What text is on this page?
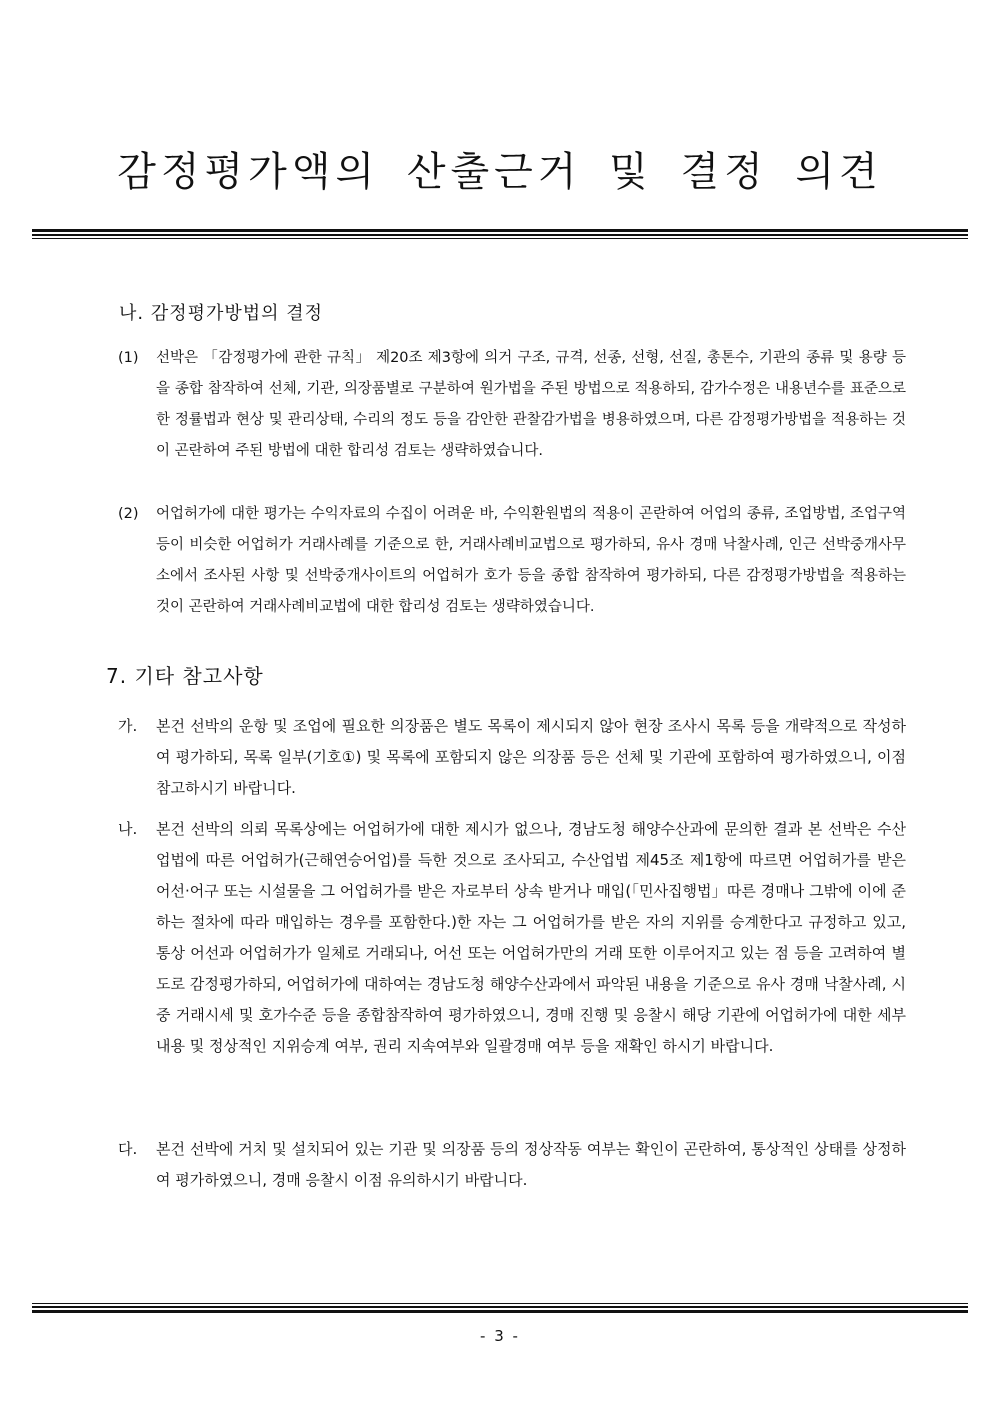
감정평가액의 산출근거 및 결정 의견
나. 감정평가방법의 결정

(1)	선박은 「감정평가에 관한 규칙」 제20조 제3항에 의거 구조, 규격, 선종, 선형, 선질, 총톤수, 기관의 종류 및 용량 등을 종합 참작하여 선체, 기관, 의장품별로 구분하여 원가법을 주된 방법으로 적용하되, 감가수정은 내용년수를 표준으로한 정률법과 현상 및 관리상태, 수리의 정도 등을 감안한 관찰감가법을 병용하였으며, 다른 감정평가방법을 적용하는 것이 곤란하여 주된 방법에 대한 합리성 검토는 생략하였습니다.

(2)	어업허가에 대한 평가는 수익자료의 수집이 어려운 바, 수익환원법의 적용이 곤란하여 어업의 종류, 조업방법, 조업구역 등이 비슷한 어업허가 거래사례를 기준으로 한, 거래사례비교법으로 평가하되, 유사 경매 낙찰사례, 인근 선박중개사무소에서 조사된 사항 및 선박중개사이트의 어업허가 호가 등을 종합 참작하여 평가하되, 다른 감정평가방법을 적용하는 것이 곤란하여 거래사례비교법에 대한 합리성 검토는 생략하였습니다.

7. 기타 참고사항

가.	본건 선박의 운항 및 조업에 필요한 의장품은 별도 목록이 제시되지 않아 현장 조사시 목록 등을 개략적으로 작성하여 평가하되, 목록 일부(기호①) 및 목록에 포함되지 않은 의장품 등은 선체 및 기관에 포함하여 평가하였으니, 이점 참고하시기 바랍니다.

나.	본건 선박의 의뢰 목록상에는 어업허가에 대한 제시가 없으나, 경남도청 해양수산과에 문의한 결과 본 선박은 수산업법에 따른 어업허가(근해연승어업)를 득한 것으로 조사되고, 수산업법 제45조 제1항에 따르면 어업허가를 받은 어선·어구 또는 시설물을 그 어업허가를 받은 자로부터 상속 받거나 매입(「민사집행법」따른 경매나 그밖에 이에 준하는 절차에 따라 매입하는 경우를 포함한다.)한 자는 그 어업허가를 받은 자의 지위를 승계한다고 규정하고 있고, 통상 어선과 어업허가가 일체로 거래되나, 어선 또는 어업허가만의 거래 또한 이루어지고 있는 점 등을 고려하여 별도로 감정평가하되, 어업허가에 대하여는 경남도청 해양수산과에서 파악된 내용을 기준으로 유사 경매 낙찰사례, 시중 거래시세 및 호가수준 등을 종합참작하여 평가하였으니, 경매 진행 및 응찰시 해당 기관에 어업허가에 대한 세부내용 및 정상적인 지위승계 여부, 권리 지속여부와 일괄경매 여부 등을 재확인 하시기 바랍니다.

다.	본건 선박에 거치 및 설치되어 있는 기관 및 의장품 등의 정상작동 여부는 확인이 곤란하여, 통상적인 상태를 상정하여 평가하였으니, 경매 응찰시 이점 유의하시기 바랍니다.

- 3 -
